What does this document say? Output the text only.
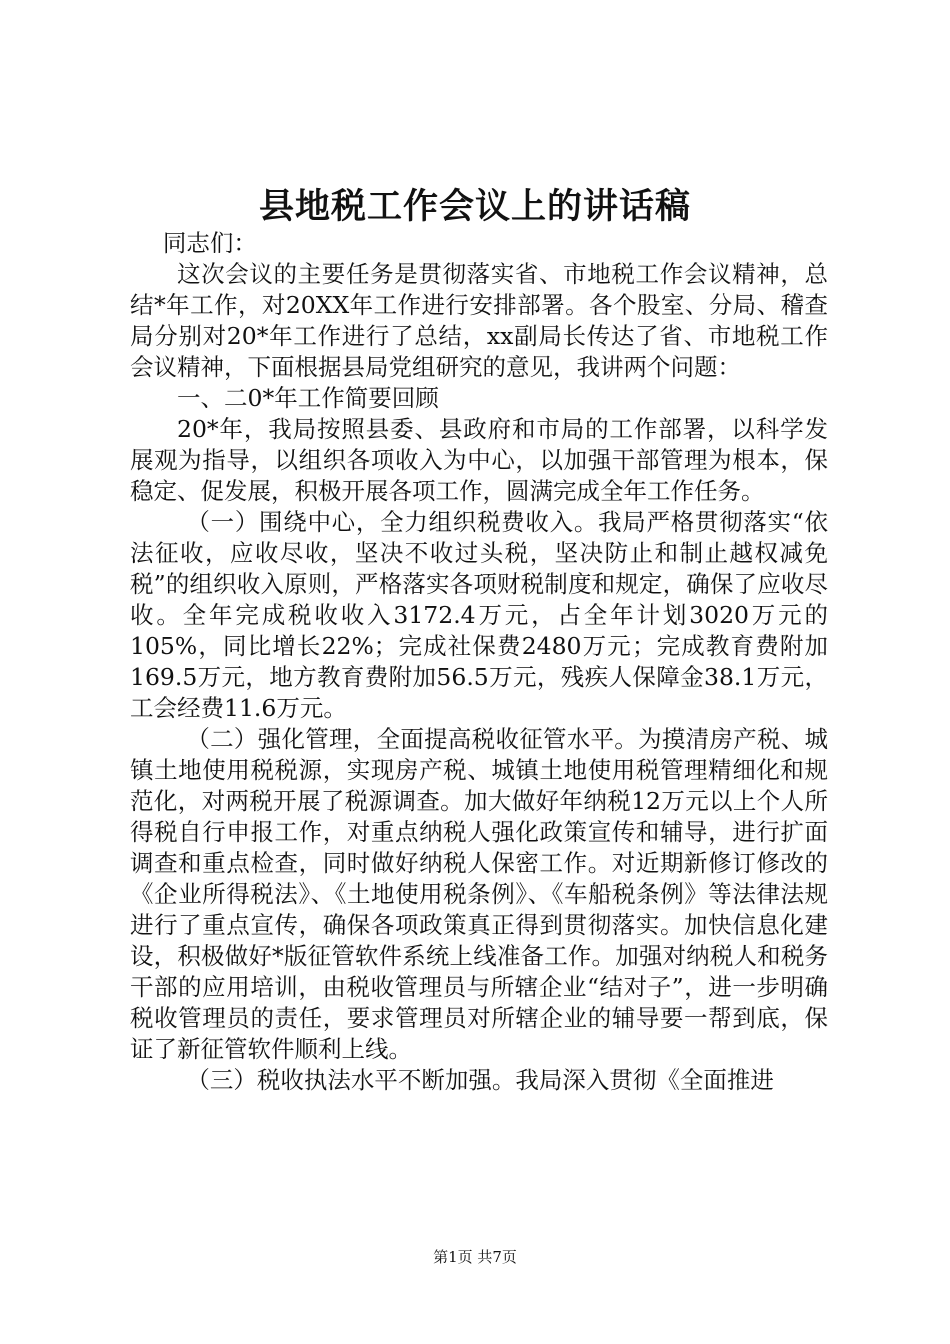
县地税工作会议上的讲话稿

同志们：

这次会议的主要任务是贯彻落实省、市地税工作会议精神，总结*年工作，对20XX年工作进行安排部署。各个股室、分局、稽查局分别对20*年工作进行了总结，xx副局长传达了省、市地税工作会议精神，下面根据县局党组研究的意见，我讲两个问题：

一、二0*年工作简要回顾

20*年，我局按照县委、县政府和市局的工作部署，以科学发展观为指导，以组织各项收入为中心，以加强干部管理为根本，保稳定、促发展，积极开展各项工作，圆满完成全年工作任务。

（一）围绕中心，全力组织税费收入。我局严格贯彻落实“依法征收，应收尽收，坚决不收过头税，坚决防止和制止越权减免税”的组织收入原则，严格落实各项财税制度和规定，确保了应收尽收。全年完成税收收入3172.4万元，占全年计划3020万元的105%，同比增长22%；完成社保费2480万元；完成教育费附加169.5万元，地方教育费附加56.5万元，残疾人保障金38.1万元，工会经费11.6万元。

（二）强化管理，全面提高税收征管水平。为摸清房产税、城镇土地使用税税源，实现房产税、城镇土地使用税管理精细化和规范化，对两税开展了税源调查。加大做好年纳税12万元以上个人所得税自行申报工作，对重点纳税人强化政策宣传和辅导，进行扩面调查和重点检查，同时做好纳税人保密工作。对近期新修订修改的《企业所得税法》、《土地使用税条例》、《车船税条例》等法律法规进行了重点宣传，确保各项政策真正得到贯彻落实。加快信息化建设，积极做好*版征管软件系统上线准备工作。加强对纳税人和税务干部的应用培训，由税收管理员与所辖企业“结对子”，进一步明确税收管理员的责任，要求管理员对所辖企业的辅导要一帮到底，保证了新征管软件顺利上线。

（三）税收执法水平不断加强。我局深入贯彻《全面推进

第1页 共7页
